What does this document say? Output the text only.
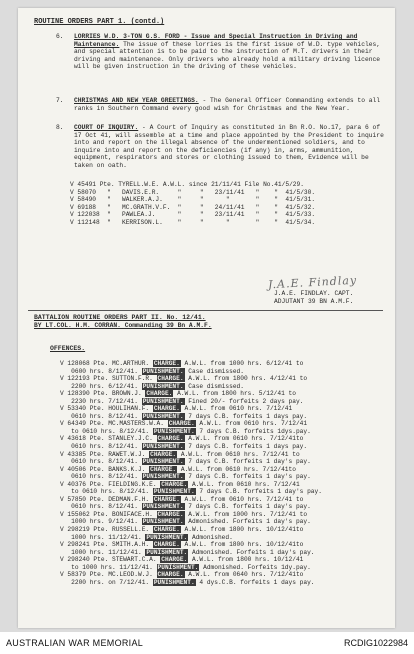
ROUTINE ORDERS PART 1. (contd.)
6. LORRIES W.D. 3-TON G.S. FORD - Issue and Special Instruction in Driving and Maintenance. The issue of these lorries is the first issue of W.D. type vehicles, and special attention is to be paid to the instruction of M.T. drivers in their driving and maintenance. Only drivers who already hold a military driving licence will be given instruction in the driving of these vehicles.
7. CHRISTMAS AND NEW YEAR GREETINGS. - The General Officer Commanding extends to all ranks in Southern Command every good wish for Christmas and the New Year.
8. COURT OF INQUIRY. - A Court of Inquiry as constituted in Bn R.O. No.17, para 6 of 17 Oct 41, will assemble at a time and place appointed by the President to inquire into and report on the illegal absence of the undermentioned soldiers, and to inquire into and report on the deficiencies (if any) in, arms, ammunition, equipment, respirators and stores or clothing issued to them, Evidence will be taken on oath.
V 45491 Pte. TYRELL.W.E. A.W.L. since 21/11/41 File No.41/5/29.
V 58070   "   DAVIS.E.R.     "     "   23/11/41   "    "  41/5/30.
V 58490   "   WALKER.A.J.    "     "      "       "    "  41/5/31.
V 69188   "   MC.GRATH.V.F.  "     "   24/11/41   "    "  41/5/32.
V 122038  "   PAWLEA.J.      "     "   23/11/41   "    "  41/5/33.
V 112148  "   KERRISON.L.    "     "      "       "    "  41/5/34.
J.A.E. Findlay
J.A.E. FINDLAY. CAPT.
ADJUTANT 39 BN A.M.F.
BATTALION ROUTINE ORDERS PART II. No. 12/41.
BY LT.COL. H.M. CORRAN. Commanding 39 Bn A.M.F.
OFFENCES.
V 128068 Pte. MC.ARTHUR. CHARGE. A.W.L. from 1000 hrs. 6/12/41 to
0600 hrs. 8/12/41. PUNISHMENT. Case dismissed.
V 122193 Pte. SUTTON.F.R. CHARGE. A.W.L. from 1800 hrs. 4/12/41 to
2200 hrs. 6/12/41. PUNISHMENT. Case dismissed.
V 128390 Pte. BROWN.J. CHARGE. A.W.L. from 1800 hrs. 5/12/41 to
2230 hrs. 7/12/41. PUNISHMENT. Fined 20/- forfeits 2 days pay.
V 53340 Pte. HOULIHAN.F. CHARGE. A.W.L. from 0610 hrs. 7/12/41
0610 hrs. 8/12/41. PUNISHMENT. 7 days C.B. forfeits 1 days pay.
V 64349 Pte. MC.MASTERS.W.A. CHARGE. A.W.L. from 0610 hrs. 7/12/41
to 0610 hrs. 8/12/41. PUNISHMENT. 7 days C.B. forfeits 1dys.pay.
V 43618 Pte. STANLEY.J.C. CHARGE. A.W.L. from 0610 hrs. 7/12/41to
0610 hrs. 8/12/41. PUNISHMENT. 7 days C.B. forfeits 1 days pay.
V 43385 Pte. RAWET.W.J. CHARGE. A.W.L. from 0610 hrs. 7/12/41 to
0610 hrs. 8/12/41. PUNISHMENT. 7 days C.B. forfeits 1 day's pay.
V 40506 Pte. BANKS.K.J. CHARGE. A.W.L. from 0610 hrs. 7/12/41to
0610 hrs. 8/12/41. PUNISHMENT. 7 days C.B. forfeits 1 day's pay.
V 40376 Pte. FIELDING.K.E. CHARGE. A.W.L. from 0610 hrs. 7/12/41
to 0610 hrs. 8/12/41. PUNISHMENT. 7 days C.B. forfeits 1 day's pay.
V 57850 Pte. DEDMAN.F.H. CHARGE. A.W.L. from 0610 hrs. 7/12/41 to
0610 hrs. 8/12/41. PUNISHMENT. 7 days C.B. forfeits 1 day's pay.
V 155062 Pte. BONIFACE.H. CHARGE. A.W.L. from 1000 hrs. 7/12/41 to
1000 hrs. 9/12/41. PUNISHMENT. Admonished. Forfeits 1 day's pay.
V 298219 Pte. RUSSELL.E. CHARGE. A.W.L. from 1800 hrs. 10/12/41to
1000 hrs. 11/12/41. PUNISHMENT. Admonished.
V 298241 Pte. SMITH.A.H. CHARGE. A.W.L. from 1800 hrs. 10/12/41to
1000 hrs. 11/12/41. PUNISHMENT. Admonished. Forfeits 1 day's pay.
V 298240 Pte. STEWART.C.A. CHARGE. A.W.L. from 1800 hrs. 10/12/41
to 1000 hrs. 11/12/41. PUNISHMENT. Admonished. Forfeits 1dy.pay.
V 58379 Pte. MC.LEOD.W.J. CHARGE. A.W.L. from 0640 hrs. 7/12/41to
2200 hrs. on 7/12/41. PUNISHMENT. 4 dys.C.B. forfeits 1 days pay.
AUSTRALIAN WAR MEMORIAL	RCDIG1022984
